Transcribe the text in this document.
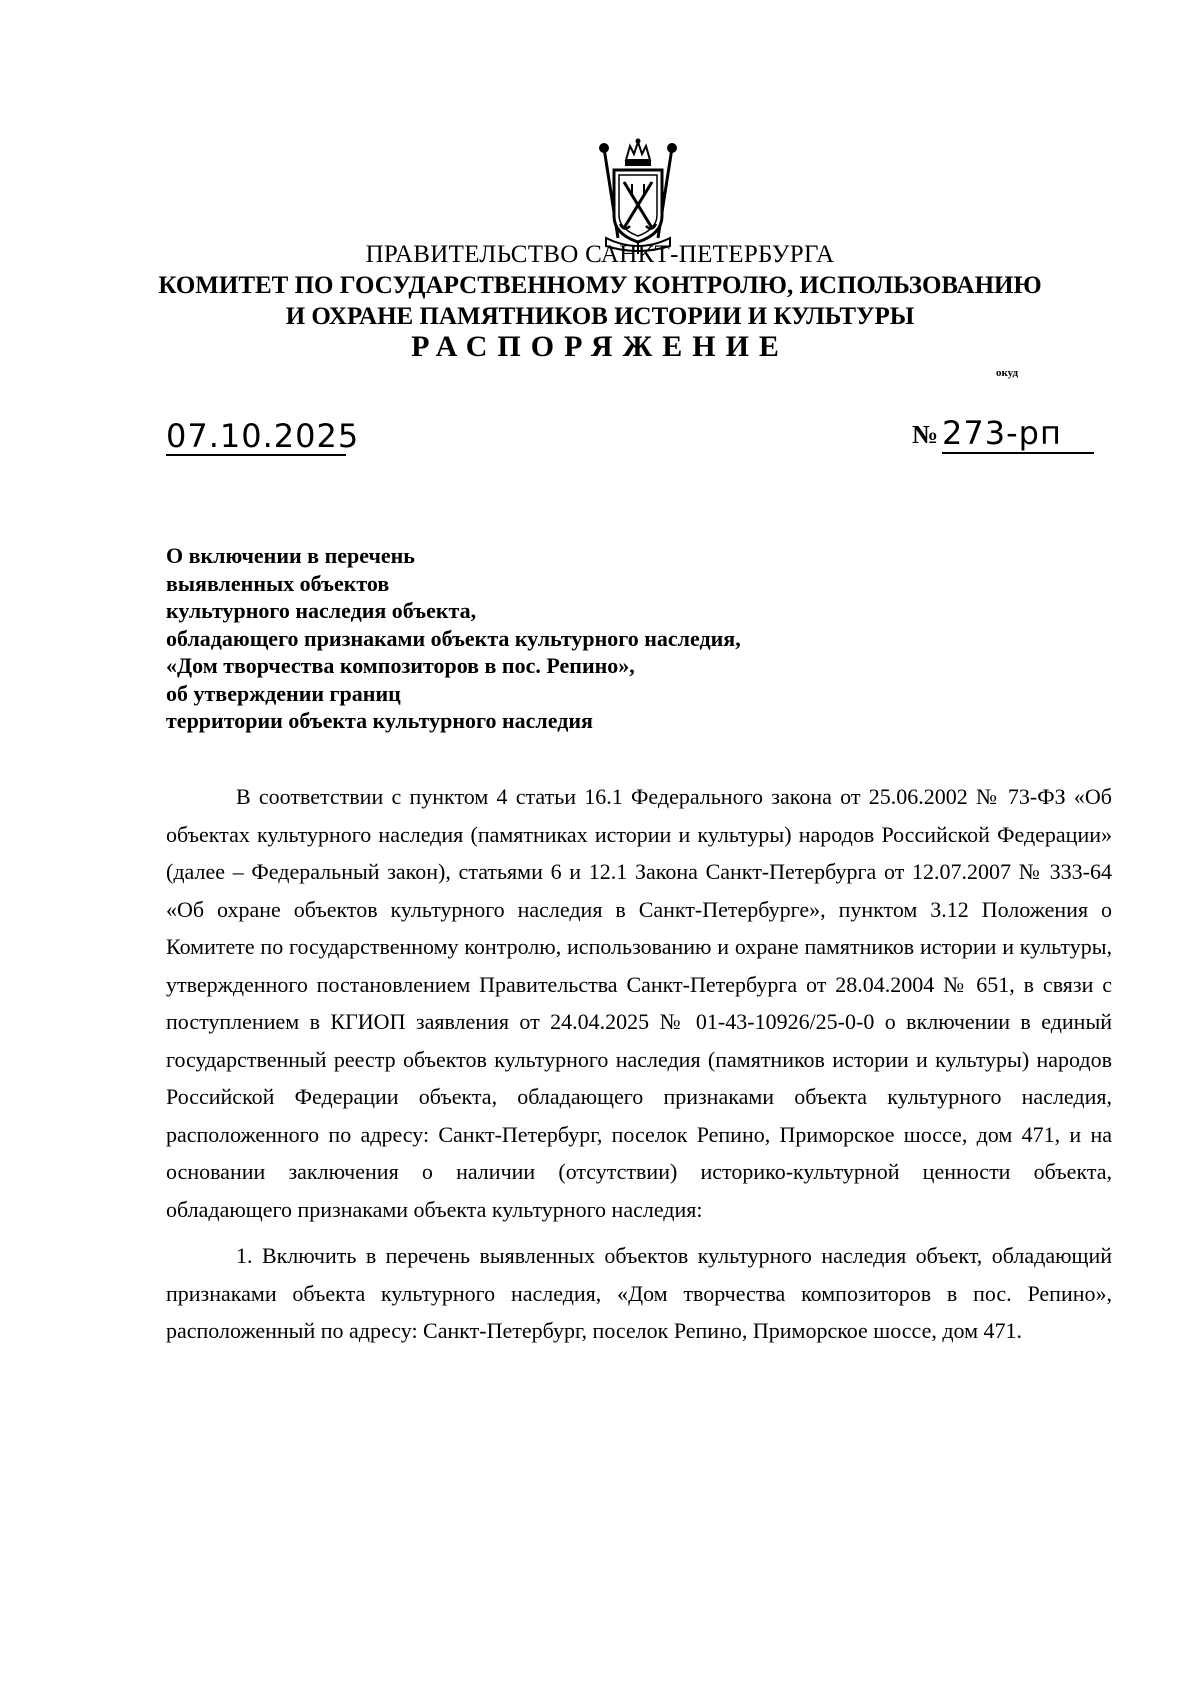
ПРАВИТЕЛЬСТВО САНКТ-ПЕТЕРБУРГА
КОМИТЕТ ПО ГОСУДАРСТВЕННОМУ КОНТРОЛЮ, ИСПОЛЬЗОВАНИЮ
И ОХРАНЕ ПАМЯТНИКОВ ИСТОРИИ И КУЛЬТУРЫ
РАСПОРЯЖЕНИЕ
окуд
07.10.2025	№ 273-рп
О включении в перечень
выявленных объектов
культурного наследия объекта,
обладающего признаками объекта культурного наследия,
«Дом творчества композиторов в пос. Репино»,
об утверждении границ
территории объекта культурного наследия

В соответствии с пунктом 4 статьи 16.1 Федерального закона от 25.06.2002 № 73-ФЗ «Об объектах культурного наследия (памятниках истории и культуры) народов Российской Федерации» (далее – Федеральный закон), статьями 6 и 12.1 Закона Санкт-Петербурга от 12.07.2007 № 333-64 «Об охране объектов культурного наследия в Санкт-Петербурге», пунктом 3.12 Положения о Комитете по государственному контролю, использованию и охране памятников истории и культуры, утвержденного постановлением Правительства Санкт-Петербурга от 28.04.2004 № 651, в связи с поступлением в КГИОП заявления от 24.04.2025 № 01-43-10926/25-0-0 о включении в единый государственный реестр объектов культурного наследия (памятников истории и культуры) народов Российской Федерации объекта, обладающего признаками объекта культурного наследия, расположенного по адресу: Санкт-Петербург, поселок Репино, Приморское шоссе, дом 471, и на основании заключения о наличии (отсутствии) историко-культурной ценности объекта, обладающего признаками объекта культурного наследия:

1. Включить в перечень выявленных объектов культурного наследия объект, обладающий признаками объекта культурного наследия, «Дом творчества композиторов в пос. Репино», расположенный по адресу: Санкт-Петербург, поселок Репино, Приморское шоссе, дом 471.
